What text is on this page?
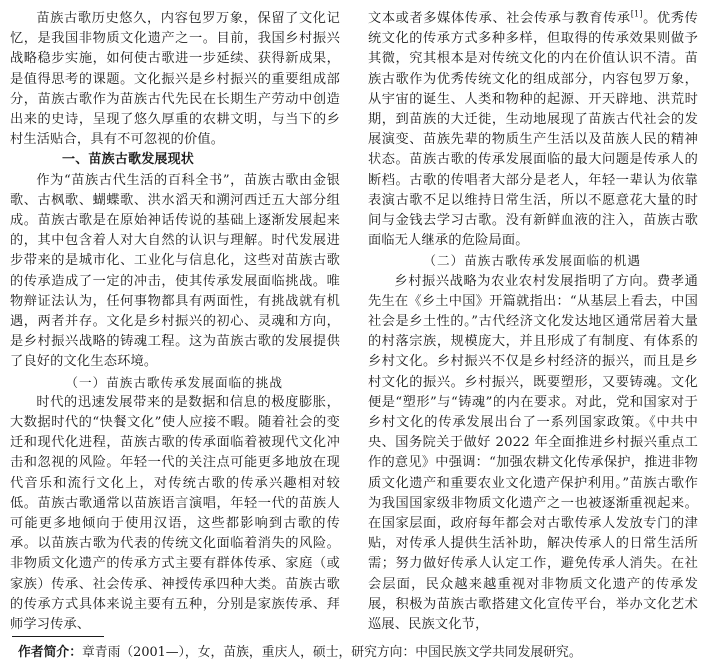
苗族古歌历史悠久，内容包罗万象，保留了文化记忆，是我国非物质文化遗产之一。目前，我国乡村振兴战略稳步实施，如何使古歌进一步延续、获得新成果，是值得思考的课题。文化振兴是乡村振兴的重要组成部分，苗族古歌作为苗族古代先民在长期生产劳动中创造出来的史诗，呈现了悠久厚重的农耕文明，与当下的乡村生活贴合，具有不可忽视的价值。

一、苗族古歌发展现状

作为“苗族古代生活的百科全书”，苗族古歌由金银歌、古枫歌、蝴蝶歌、洪水滔天和溯河西迁五大部分组成。苗族古歌是在原始神话传说的基础上逐渐发展起来的，其中包含着人对大自然的认识与理解。时代发展进步带来的是城市化、工业化与信息化，这些对苗族古歌的传承造成了一定的冲击，使其传承发展面临挑战。唯物辩证法认为，任何事物都具有两面性，有挑战就有机遇，两者并存。文化是乡村振兴的初心、灵魂和方向，是乡村振兴战略的铸魂工程。这为苗族古歌的发展提供了良好的文化生态环境。

（一）苗族古歌传承发展面临的挑战

时代的迅速发展带来的是数据和信息的极度膨胀，大数据时代的“快餐文化”使人应接不暇。随着社会的变迁和现代化进程，苗族古歌的传承面临着被现代文化冲击和忽视的风险。年轻一代的关注点可能更多地放在现代音乐和流行文化上，对传统古歌的传承兴趣相对较低。苗族古歌通常以苗族语言演唱，年轻一代的苗族人可能更多地倾向于使用汉语，这些都影响到古歌的传承。以苗族古歌为代表的传统文化面临着消失的风险。非物质文化遗产的传承方式主要有群体传承、家庭（或家族）传承、社会传承、神授传承四种大类。苗族古歌的传承方式具体来说主要有五种，分别是家族传承、拜师学习传承、

文本或者多媒体传承、社会传承与教育传承[1]。优秀传统文化的传承方式多种多样，但取得的传承效果则做予其微，究其根本是对传统文化的内在价值认识不清。苗族古歌作为优秀传统文化的组成部分，内容包罗万象，从宇宙的诞生、人类和物种的起源、开天辟地、洪荒时期，到苗族的大迁徙，生动地展现了苗族古代社会的发展演变、苗族先辈的物质生产生活以及苗族人民的精神状态。苗族古歌的传承发展面临的最大问题是传承人的断档。古歌的传唱者大部分是老人，年轻一辈认为依靠表演古歌不足以维持日常生活，所以不愿意花大量的时间与金钱去学习古歌。没有新鲜血液的注入，苗族古歌面临无人继承的危险局面。

（二）苗族古歌传承发展面临的机遇

乡村振兴战略为农业农村发展指明了方向。费孝通先生在《乡土中国》开篇就指出：“从基层上看去，中国社会是乡土性的。”古代经济文化发达地区通常居着大量的村落宗族，规模庞大，并且形成了有制度、有体系的乡村文化。乡村振兴不仅是乡村经济的振兴，而且是乡村文化的振兴。乡村振兴，既要塑形，又要铸魂。文化便是“塑形”与“铸魂”的内在要求。对此，党和国家对于乡村文化的传承发展出台了一系列国家政策。《中共中央、国务院关于做好 2022 年全面推进乡村振兴重点工作的意见》中强调：“加强农耕文化传承保护，推进非物质文化遗产和重要农业文化遗产保护利用。”苗族古歌作为我国国家级非物质文化遗产之一也被逐渐重视起来。在国家层面，政府每年都会对古歌传承人发放专门的津贴，对传承人提供生活补助，解决传承人的日常生活所需；努力做好传承人认定工作，避免传承人消失。在社会层面，民众越来越重视对非物质文化遗产的传承发展，积极为苗族古歌搭建文化宣传平台，举办文化艺术巡展、民族文化节，

作者简介：章青雨（2001—），女，苗族，重庆人，硕士，研究方向：中国民族文学共同发展研究。
